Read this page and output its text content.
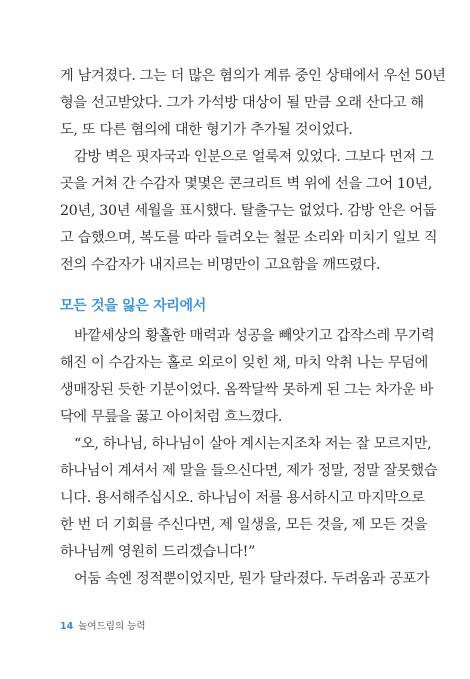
게 남겨졌다. 그는 더 많은 혐의가 계류 중인 상태에서 우선 50년
형을 선고받았다. 그가 가석방 대상이 될 만큼 오래 산다고 해
도, 또 다른 혐의에 대한 형기가 추가될 것이었다.
감방 벽은 핏자국과 인분으로 얼룩져 있었다. 그보다 먼저 그
곳을 거쳐 간 수감자 몇몇은 콘크리트 벽 위에 선을 그어 10년,
20년, 30년 세월을 표시했다. 탈출구는 없었다. 감방 안은 어둡
고 습했으며, 복도를 따라 들려오는 철문 소리와 미치기 일보 직
전의 수감자가 내지르는 비명만이 고요함을 깨뜨렸다.
모든 것을 잃은 자리에서
바깥세상의 황홀한 매력과 성공을 빼앗기고 갑작스레 무기력
해진 이 수감자는 홀로 외로이 잊힌 채, 마치 악취 나는 무덤에
생매장된 듯한 기분이었다. 옴짝달싹 못하게 된 그는 차가운 바
닥에 무릎을 꿇고 아이처럼 흐느꼈다.
“오, 하나님, 하나님이 살아 계시는지조차 저는 잘 모르지만,
하나님이 계셔서 제 말을 들으신다면, 제가 정말, 정말 잘못했습
니다. 용서해주십시오. 하나님이 저를 용서하시고 마지막으로
한 번 더 기회를 주신다면, 제 일생을, 모든 것을, 제 모든 것을
하나님께 영원히 드리겠습니다!”
어둠 속엔 정적뿐이었지만, 뭔가 달라졌다. 두려움과 공포가
14 놀여드림의 능력
